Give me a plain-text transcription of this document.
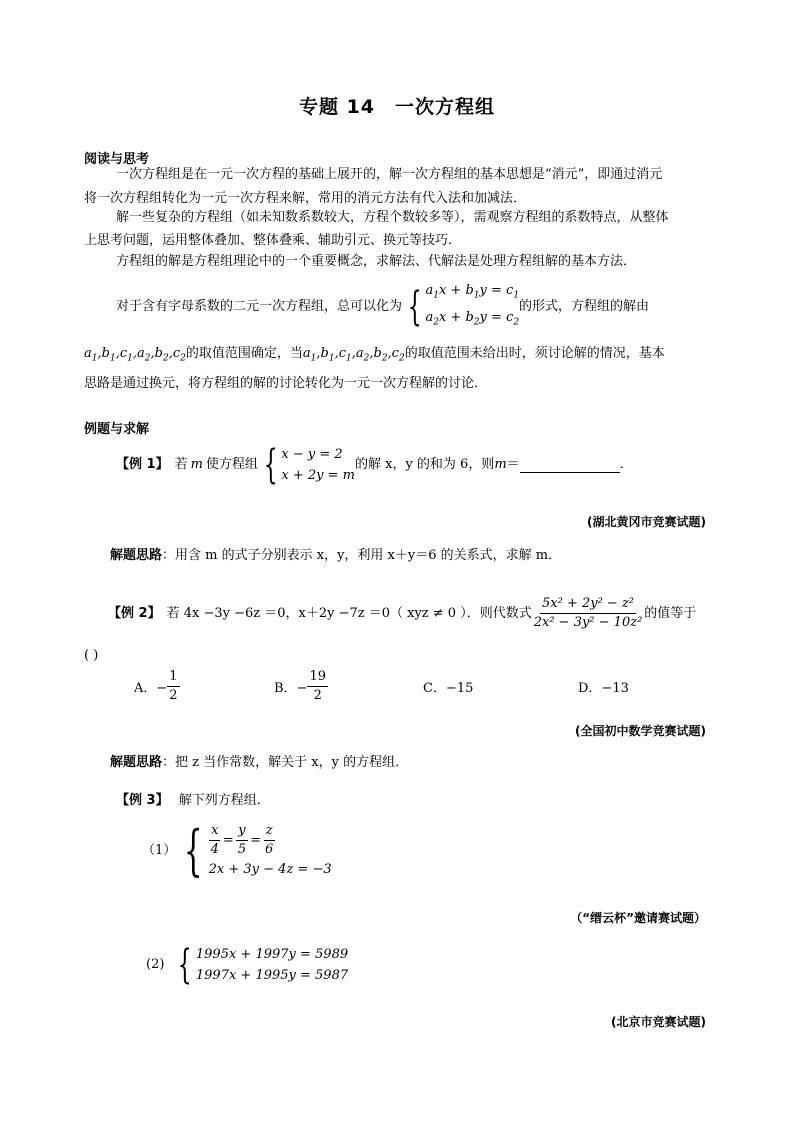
专题 14 一次方程组
阅读与思考
一次方程组是在一元一次方程的基础上展开的，解一次方程组的基本思想是“消元”，即通过消元
将一次方程组转化为一元一次方程来解，常用的消元方法有代入法和加减法．
解一些复杂的方程组（如未知数系数较大，方程个数较多等），需观察方程组的系数特点，从整体
上思考问题，运用整体叠加、整体叠乘、辅助引元、换元等技巧．
方程组的解是方程组理论中的一个重要概念，求解法、代解法是处理方程组解的基本方法．
对于含有字母系数的二元一次方程组，总可以化为 { $a_1x + b_1y = c_1$
$a_2x + b_2y = c_2$
的形式，方程组的解由
$a_1,b_1,c_1,a_2,b_2,c_2$的取值范围确定，当$a_1,b_1,c_1,a_2,b_2,c_2$的取值范围未给出时，须讨论解的情况，基本
思路是通过换元，将方程组的解的讨论转化为一元一次方程解的讨论．
例题与求解
【例 1】 若 m 使方程组 { x − y = 2
x + 2y = m
的解 x，y 的和为 6，则 m ＝	．
(湖北黄冈市竞赛试题)
解题思路：用含 m 的式子分别表示 x，y，利用 x＋y＝6 的关系式，求解 m．
【例 2】 若 4x −3y −6z ＝0，x＋2y −7z ＝0（ xyz ≠ 0 ）．则代数式 $\frac{\text{5x² + 2y² − z²}}{\text{2x² − 3y² − 10z²}}$ 的值等于
( )
A．− $\frac{1}{2}$	B．− $\frac{19}{2}$	C．−15	D．−13
(全国初中数学竞赛试题)
解题思路：把 z 当作常数，解关于 x，y 的方程组．
【例 3】 解下列方程组．
（1） { $\frac{x}{4} = \frac{y}{5} = \frac{z}{6}$
2x + 3y − 4z = −3
（“缙云杯”邀请赛试题）
(2) { 1995x + 1997y = 5989
1997x + 1995y = 5987
(北京市竞赛试题)
